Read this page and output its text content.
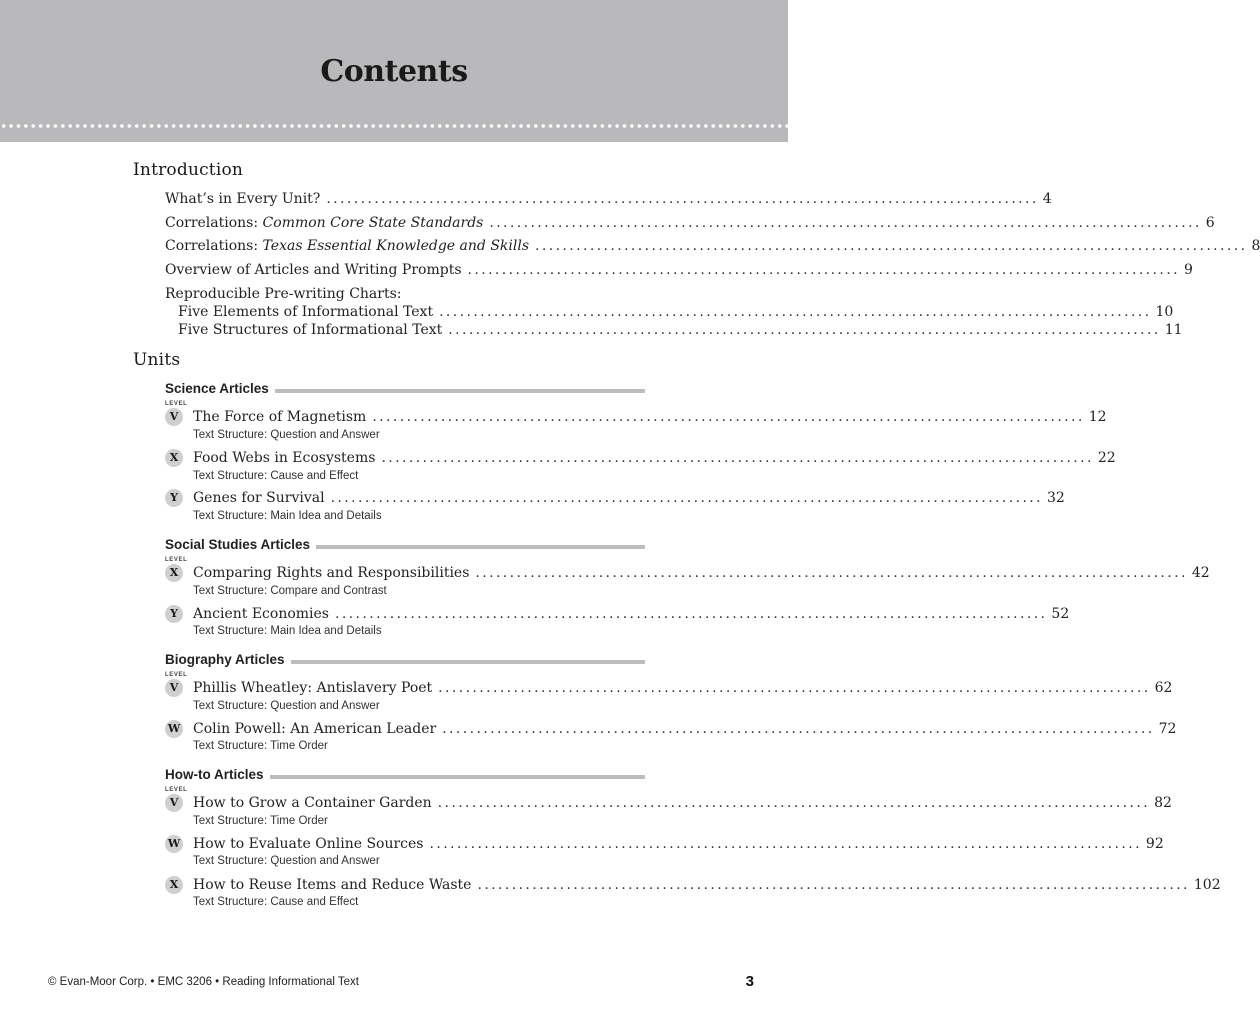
Contents
Introduction
What’s in Every Unit? ........................................................................................................ 4
Correlations: Common Core State Standards ........................................................................................................ 6
Correlations: Texas Essential Knowledge and Skills ........................................................................................................ 8
Overview of Articles and Writing Prompts ........................................................................................................ 9
Reproducible Pre-writing Charts:
Five Elements of Informational Text ........................................................................................................ 10
Five Structures of Informational Text ........................................................................................................ 11
Units
Science Articles
LEVEL
V	The Force of Magnetism ........................................................................................................ 12
Text Structure: Question and Answer
X	Food Webs in Ecosystems ........................................................................................................ 22
Text Structure: Cause and Effect
Y	Genes for Survival ........................................................................................................ 32
Text Structure: Main Idea and Details
Social Studies Articles
LEVEL
X	Comparing Rights and Responsibilities ........................................................................................................ 42
Text Structure: Compare and Contrast
Y	Ancient Economies ........................................................................................................ 52
Text Structure: Main Idea and Details
Biography Articles
LEVEL
V	Phillis Wheatley: Antislavery Poet ........................................................................................................ 62
Text Structure: Question and Answer
W Colin Powell: An American Leader ........................................................................................................ 72
Text Structure: Time Order
How-to Articles
LEVEL
V	How to Grow a Container Garden ........................................................................................................ 82
Text Structure: Time Order
W How to Evaluate Online Sources ........................................................................................................ 92
Text Structure: Question and Answer
X	How to Reuse Items and Reduce Waste ........................................................................................................ 102
Text Structure: Cause and Effect
© Evan-Moor Corp. • EMC 3206 • Reading Informational Text	3
